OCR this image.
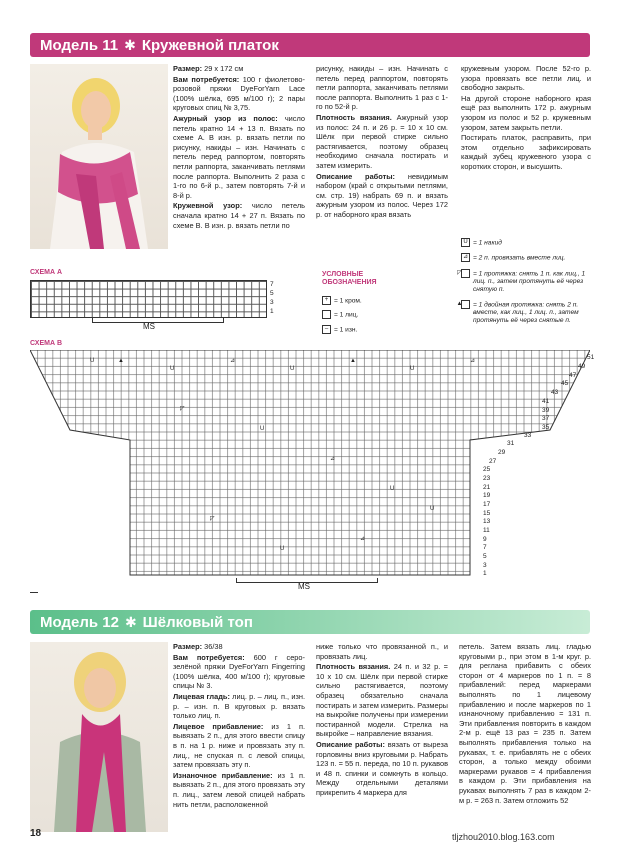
Модель 11 ✱ Кружевной платок

Размер: 29 x 172 см

Вам потребуется: 100 г фиолетово-розовой пряжи DyeForYarn Lace (100% шёлка, 695 м/100 г); 2 пары круговых спиц № 3,75.

Ажурный узор из полос: число петель кратно 14 + 13 п. Вязать по схеме А. В изн. р. вязать петли по рисунку, накиды – изн. Начинать с петель перед раппортом, повторять петли раппорта, заканчивать петлями после раппорта. Выполнить 2 раза с 1-го по 6-й р., затем повторять 7-й и 8-й р.

Кружевной узор: число петель сначала кратно 14 + 27 п. Вязать по схеме В. В изн. р. вязать петли по

рисунку, накиды – изн. Начинать с петель перед раппортом, повторять петли раппорта, заканчивать петлями после раппорта. Выполнить 1 раз с 1-го по 52-й р.

Плотность вязания. Ажурный узор из полос: 24 п. и 26 р. = 10 x 10 см. Шёлк при первой стирке сильно растягивается, поэтому образец необходимо сначала постирать и затем измерить.

Описание работы: невидимым набором (край с открытыми петлями, см. стр. 19) набрать 69 п. и вязать ажурным узором из полос. Через 172 р. от наборного края вязать

кружевным узором. После 52-го р. узора провязать все петли лиц. и свободно закрыть.

На другой стороне наборного края ещё раз выполнить 172 р. ажурным узором из полос и 52 р. кружевным узором, затем закрыть петли.

Постирать платок, расправить, при этом отдельно зафиксировать каждый зубец кружевного узора с коротких сторон, и высушить.

U = 1 накид
⊿ = 2 п. провязать вместе лиц.
◸ = 1 протяжка: снять 1 п. как лиц., 1 лиц. п., затем протянуть её через снятую п.
▲ = 1 двойная протяжка: снять 2 п. вместе, как лиц., 1 лиц. п., затем протянуть её через снятые п.
УСЛОВНЫЕ ОБОЗНАЧЕНИЯ
+ = 1 кром.
= 1 лиц.
– = 1 изн.
СХЕМА А
7
5
3
1
MS
СХЕМА В
U	▲
U
⊿
U
▲
U
⊿
◸
U
⊿
U
◸
U
⊿
U
51
49
47
45
43
41
39
37
35
33
31
29
27
25
23
21
19
17
15
13
11
9
7
5
3
1
MS
Модель 12 ✱ Шёлковый топ

Размер: 36/38

Вам потребуется: 600 г серо-зелёной пряжи DyeForYarn Fingerring (100% шёлка, 400 м/100 г); круговые спицы № 3.

Лицевая гладь: лиц. р. – лиц. п., изн. р. – изн. п. В круговых р. вязать только лиц. п.

Лицевое прибавление: из 1 п. вывязать 2 п., для этого ввести спицу в п. на 1 р. ниже и провязать эту п. лиц., не спуская п. с левой спицы, затем провязать эту п.

Изнаночное прибавление: из 1 п. вывязать 2 п., для этого провязать эту п. лиц., затем левой спицей набрать нить петли, расположенной

ниже только что провязанной п., и провязать лиц.

Плотность вязания. 24 п. и 32 р. = 10 x 10 см. Шёлк при первой стирке сильно растягивается, поэтому образец обязательно сначала постирать и затем измерить. Размеры на выкройке получены при измерении постиранной модели. Стрелка на выкройке – направление вязания.

Описание работы: вязать от выреза горловины вниз круговыми р. Набрать 123 п. = 55 п. переда, по 10 п. рукавов и 48 п. спинки и сомкнуть в кольцо. Между отдельными деталями прикрепить 4 маркера для

петель. Затем вязать лиц. гладью круговыми р., при этом в 1-м круг. р. для реглана прибавить с обеих сторон от 4 маркеров по 1 п. = 8 прибавлений: перед маркерами выполнять по 1 лицевому прибавлению и после маркеров по 1 изнаночному прибавлению = 131 п. Эти прибавления повторить в каждом 2-м р. ещё 13 раз = 235 п. Затем выполнять прибавления только на рукавах, т. е. прибавлять не с обеих сторон, а только между обоими маркерами рукавов = 4 прибавления в каждом р. Эти прибавления на рукавах выполнять 7 раз в каждом 2-м р. = 263 п. Затем отложить 52

18	tljzhou2010.blog.163.com
